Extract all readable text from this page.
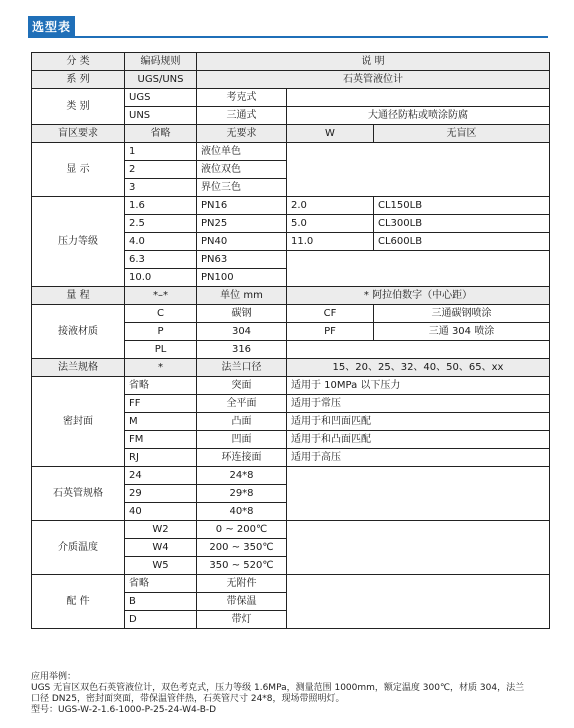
选型表
分 类	编码规则	说 明		
系 列	UGS/UNS	石英管液位计		
类 别	UGS	考克式		
	UNS	三通式	大通径防粘或喷涂防腐	
盲区要求	省略	无要求	W	无盲区
显 示	1	液位单色		
	2	液位双色		
	3	界位三色		
压力等级	1.6	PN16	2.0	CL150LB
	2.5	PN25	5.0	CL300LB
	4.0	PN40	11.0	CL600LB
	6.3	PN63		
	10.0	PN100		
量 程	*–*	单位 mm	* 阿拉伯数字（中心距）	
接液材质	C	碳钢	CF	三通碳钢喷涂
	P	304	PF	三通 304 喷涂
	PL	316		
法兰规格	*	法兰口径	15、20、25、32、40、50、65、xx	
密封面	省略	突面	适用于 10MPa 以下压力	
	FF	全平面	适用于常压	
	M	凸面	适用于和凹面匹配	
	FM	凹面	适用于和凸面匹配	
	RJ	环连接面	适用于高压	
石英管规格	24	24*8		
	29	29*8		
	40	40*8		
介质温度	W2	0 ~ 200℃		
	W4	200 ~ 350℃		
	W5	350 ~ 520℃		
配 件	省略	无附件		
	B	带保温		
	D	带灯		
应用举例：
UGS 无盲区双色石英管液位计，双色考克式，压力等级 1.6MPa，测量范围 1000mm，额定温度 300℃，材质 304，法兰
口径 DN25，密封面突面，带保温管伴热，石英管尺寸 24*8，现场带照明灯。
型号：UGS-W-2-1.6-1000-P-25-24-W4-B-D
